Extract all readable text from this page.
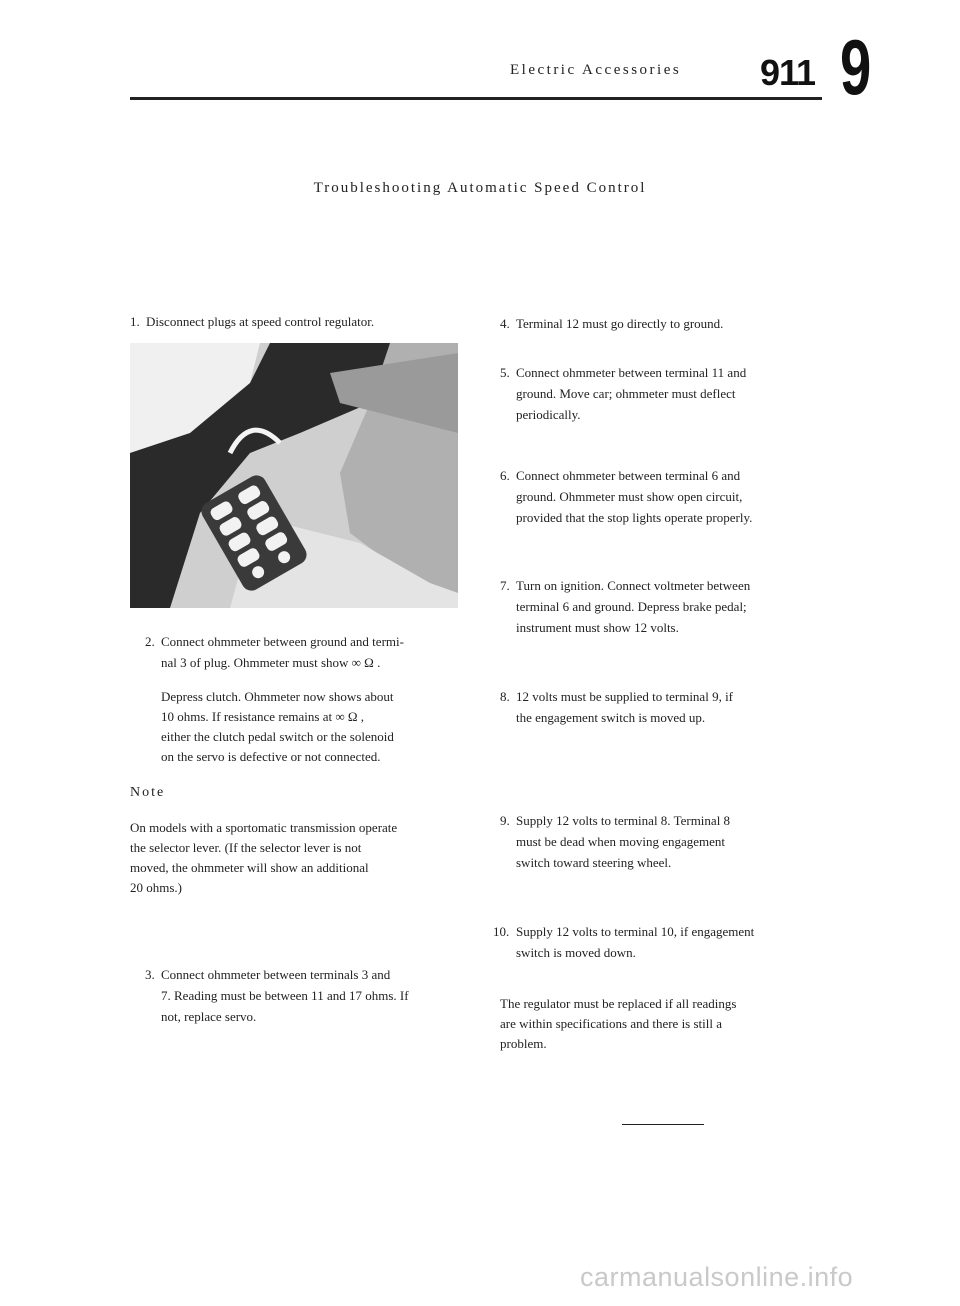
Electric Accessories 911 9
Troubleshooting Automatic Speed Control
1. Disconnect plugs at speed control regulator.
2. Connect ohmmeter between ground and termi-
nal 3 of plug. Ohmmeter must show ∞ Ω .
Depress clutch. Ohmmeter now shows about
10 ohms. If resistance remains at ∞ Ω ,
either the clutch pedal switch or the solenoid
on the servo is defective or not connected.
Note
On models with a sportomatic transmission operate
the selector lever. (If the selector lever is not
moved, the ohmmeter will show an additional
20 ohms.)
3. Connect ohmmeter between terminals 3 and
7. Reading must be between 11 and 17 ohms. If
not, replace servo.
4. Terminal 12 must go directly to ground.
5. Connect ohmmeter between terminal 11 and
ground. Move car; ohmmeter must deflect
periodically.
6. Connect ohmmeter between terminal 6 and
ground. Ohmmeter must show open circuit,
provided that the stop lights operate properly.
7. Turn on ignition. Connect voltmeter between
terminal 6 and ground. Depress brake pedal;
instrument must show 12 volts.
8. 12 volts must be supplied to terminal 9, if
the engagement switch is moved up.
9. Supply 12 volts to terminal 8. Terminal 8
must be dead when moving engagement
switch toward steering wheel.
10. Supply 12 volts to terminal 10, if engagement
switch is moved down.
The regulator must be replaced if all readings
are within specifications and there is still a
problem.
carmanualsonline.info
